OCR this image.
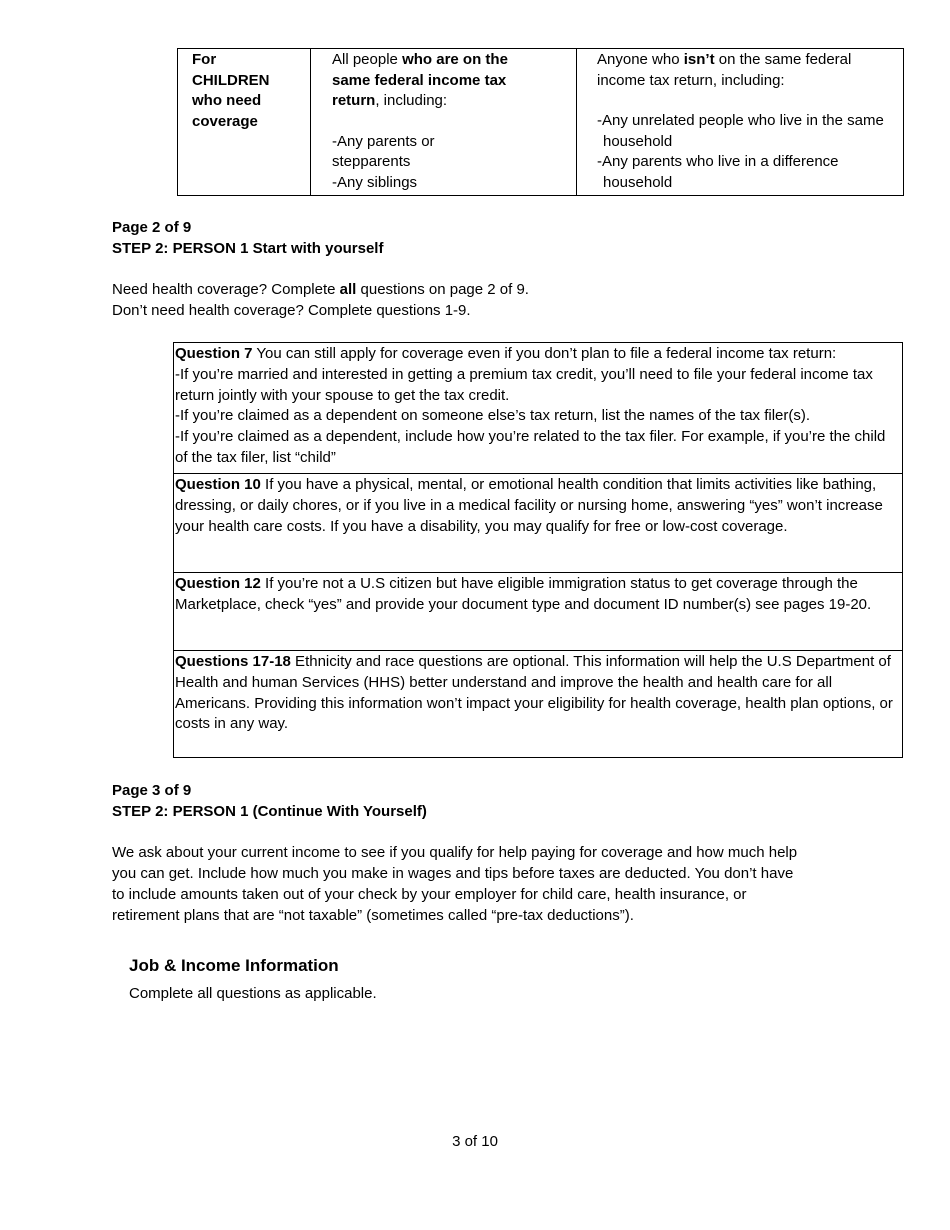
For
CHILDREN
who need
coverage

All people who are on the
same federal income tax
return, including:
-Any parents or
stepparents
-Any siblings

Anyone who isn’t on the same federal
income tax return, including:
-Any unrelated people who live in the same
household
-Any parents who live in a difference
household
Page 2 of 9
STEP 2: PERSON 1 Start with yourself
Need health coverage? Complete all questions on page 2 of 9.
Don’t need health coverage? Complete questions 1-9.
Question 7 You can still apply for coverage even if you don’t plan to file a federal income tax return:
-If you’re married and interested in getting a premium tax credit, you’ll need to file your federal income tax return jointly with your spouse to get the tax credit.
-If you’re claimed as a dependent on someone else’s tax return, list the names of the tax filer(s).
-If you’re claimed as a dependent, include how you’re related to the tax filer. For example, if you’re the child of the tax filer, list “child”

Question 10 If you have a physical, mental, or emotional health condition that limits activities like bathing, dressing, or daily chores, or if you live in a medical facility or nursing home, answering “yes” won’t increase your health care costs. If you have a disability, you may qualify for free or low-cost coverage.
Question 12 If you’re not a U.S citizen but have eligible immigration status to get coverage through the Marketplace, check “yes” and provide your document type and document ID number(s) see pages 19-20.
Questions 17-18 Ethnicity and race questions are optional. This information will help the U.S Department of Health and human Services (HHS) better understand and improve the health and health care for all Americans. Providing this information won’t impact your eligibility for health coverage, health plan options, or costs in any way.
Page 3 of 9
STEP 2: PERSON 1 (Continue With Yourself)
We ask about your current income to see if you qualify for help paying for coverage and how much help
you can get. Include how much you make in wages and tips before taxes are deducted. You don’t have
to include amounts taken out of your check by your employer for child care, health insurance, or
retirement plans that are “not taxable” (sometimes called “pre-tax deductions”).
Job & Income Information
Complete all questions as applicable.
3 of 10
